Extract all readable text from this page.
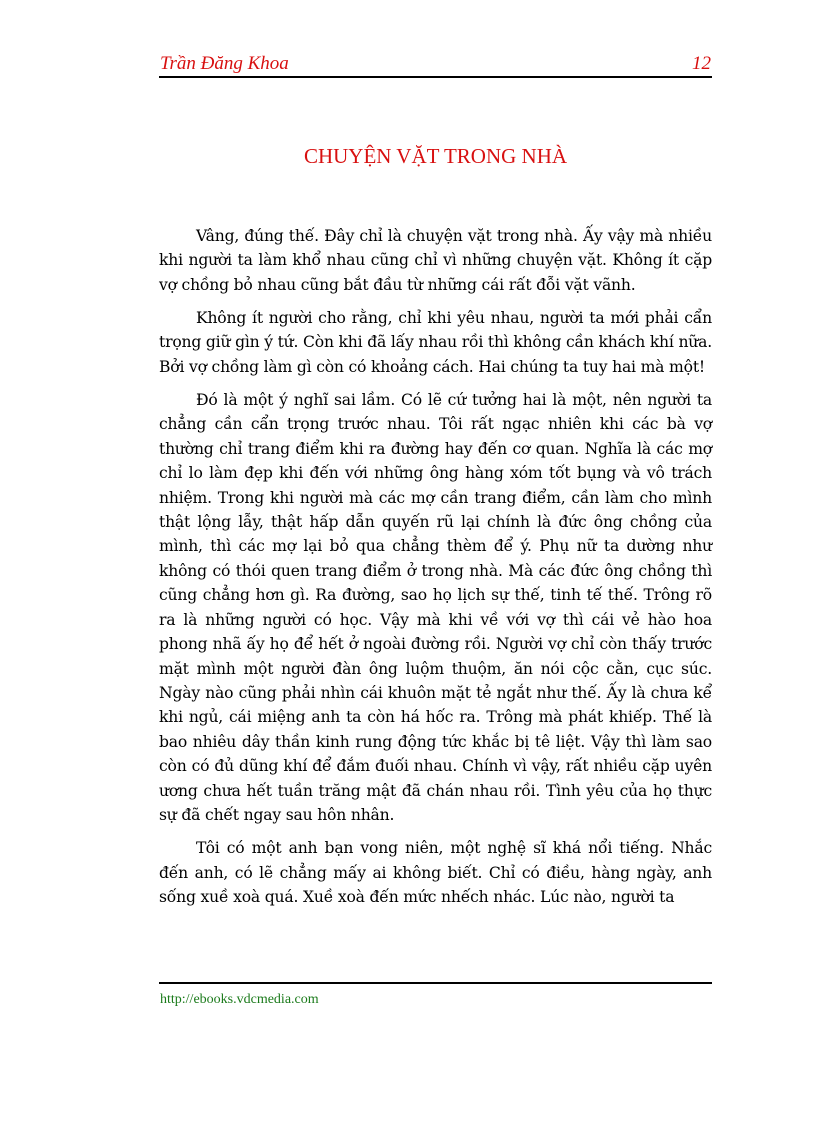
Trần Đăng Khoa	12
CHUYỆN VẶT TRONG NHÀ

Vâng, đúng thế. Đây chỉ là chuyện vặt trong nhà. Ấy vậy mà nhiều khi người ta làm khổ nhau cũng chỉ vì những chuyện vặt. Không ít cặp vợ chồng bỏ nhau cũng bắt đầu từ những cái rất đỗi vặt vãnh.

Không ít người cho rằng, chỉ khi yêu nhau, người ta mới phải cẩn trọng giữ gìn ý tứ. Còn khi đã lấy nhau rồi thì không cần khách khí nữa. Bởi vợ chồng làm gì còn có khoảng cách. Hai chúng ta tuy hai mà một!

Đó là một ý nghĩ sai lầm. Có lẽ cứ tưởng hai là một, nên người ta chẳng cần cẩn trọng trước nhau. Tôi rất ngạc nhiên khi các bà vợ thường chỉ trang điểm khi ra đường hay đến cơ quan. Nghĩa là các mợ chỉ lo làm đẹp khi đến với những ông hàng xóm tốt bụng và vô trách nhiệm. Trong khi người mà các mợ cần trang điểm, cần làm cho mình thật lộng lẫy, thật hấp dẫn quyến rũ lại chính là đức ông chồng của mình, thì các mợ lại bỏ qua chẳng thèm để ý. Phụ nữ ta dường như không có thói quen trang điểm ở trong nhà. Mà các đức ông chồng thì cũng chẳng hơn gì. Ra đường, sao họ lịch sự thế, tinh tế thế. Trông rõ ra là những người có học. Vậy mà khi về với vợ thì cái vẻ hào hoa phong nhã ấy họ để hết ở ngoài đường rồi. Người vợ chỉ còn thấy trước mặt mình một người đàn ông luộm thuộm, ăn nói cộc cằn, cục súc. Ngày nào cũng phải nhìn cái khuôn mặt tẻ ngắt như thế. Ấy là chưa kể khi ngủ, cái miệng anh ta còn há hốc ra. Trông mà phát khiếp. Thế là bao nhiêu dây thần kinh rung động tức khắc bị tê liệt. Vậy thì làm sao còn có đủ dũng khí để đắm đuối nhau. Chính vì vậy, rất nhiều cặp uyên ương chưa hết tuần trăng mật đã chán nhau rồi. Tình yêu của họ thực sự đã chết ngay sau hôn nhân.

Tôi có một anh bạn vong niên, một nghệ sĩ khá nổi tiếng. Nhắc đến anh, có lẽ chẳng mấy ai không biết. Chỉ có điều, hàng ngày, anh sống xuề xoà quá. Xuề xoà đến mức nhếch nhác. Lúc nào, người ta

http://ebooks.vdcmedia.com
